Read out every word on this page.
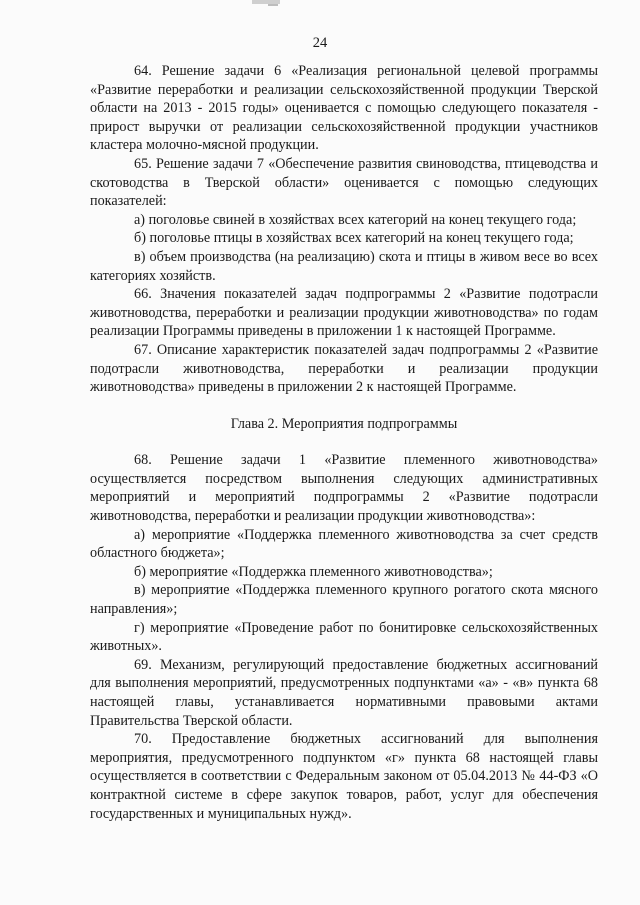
24

64. Решение задачи 6 «Реализация региональной целевой программы «Развитие переработки и реализации сельскохозяйственной продукции Тверской области на 2013 - 2015 годы» оценивается с помощью следующего показателя - прирост выручки от реализации сельскохозяйственной продукции участников кластера молочно-мясной продукции.

65. Решение задачи 7 «Обеспечение развития свиноводства, птицеводства и скотоводства в Тверской области» оценивается с помощью следующих показателей:

а) поголовье свиней в хозяйствах всех категорий на конец текущего года;

б) поголовье птицы в хозяйствах всех категорий на конец текущего года;

в) объем производства (на реализацию) скота и птицы в живом весе во всех категориях хозяйств.

66. Значения показателей задач подпрограммы 2 «Развитие подотрасли животноводства, переработки и реализации продукции животноводства» по годам реализации Программы приведены в приложении 1 к настоящей Программе.

67. Описание характеристик показателей задач подпрограммы 2 «Развитие подотрасли животноводства, переработки и реализации продукции животноводства» приведены в приложении 2 к настоящей Программе.

Глава 2. Мероприятия подпрограммы

68. Решение задачи 1 «Развитие племенного животноводства» осуществляется посредством выполнения следующих административных мероприятий и мероприятий подпрограммы 2 «Развитие подотрасли животноводства, переработки и реализации продукции животноводства»:

а) мероприятие «Поддержка племенного животноводства за счет средств областного бюджета»;

б) мероприятие «Поддержка племенного животноводства»;

в) мероприятие «Поддержка племенного крупного рогатого скота мясного направления»;

г) мероприятие «Проведение работ по бонитировке сельскохозяйственных животных».

69. Механизм, регулирующий предоставление бюджетных ассигнований для выполнения мероприятий, предусмотренных подпунктами «а» - «в» пункта 68 настоящей главы, устанавливается нормативными правовыми актами Правительства Тверской области.

70. Предоставление бюджетных ассигнований для выполнения мероприятия, предусмотренного подпунктом «г» пункта 68 настоящей главы осуществляется в соответствии с Федеральным законом от 05.04.2013 № 44-ФЗ «О контрактной системе в сфере закупок товаров, работ, услуг для обеспечения государственных и муниципальных нужд».
